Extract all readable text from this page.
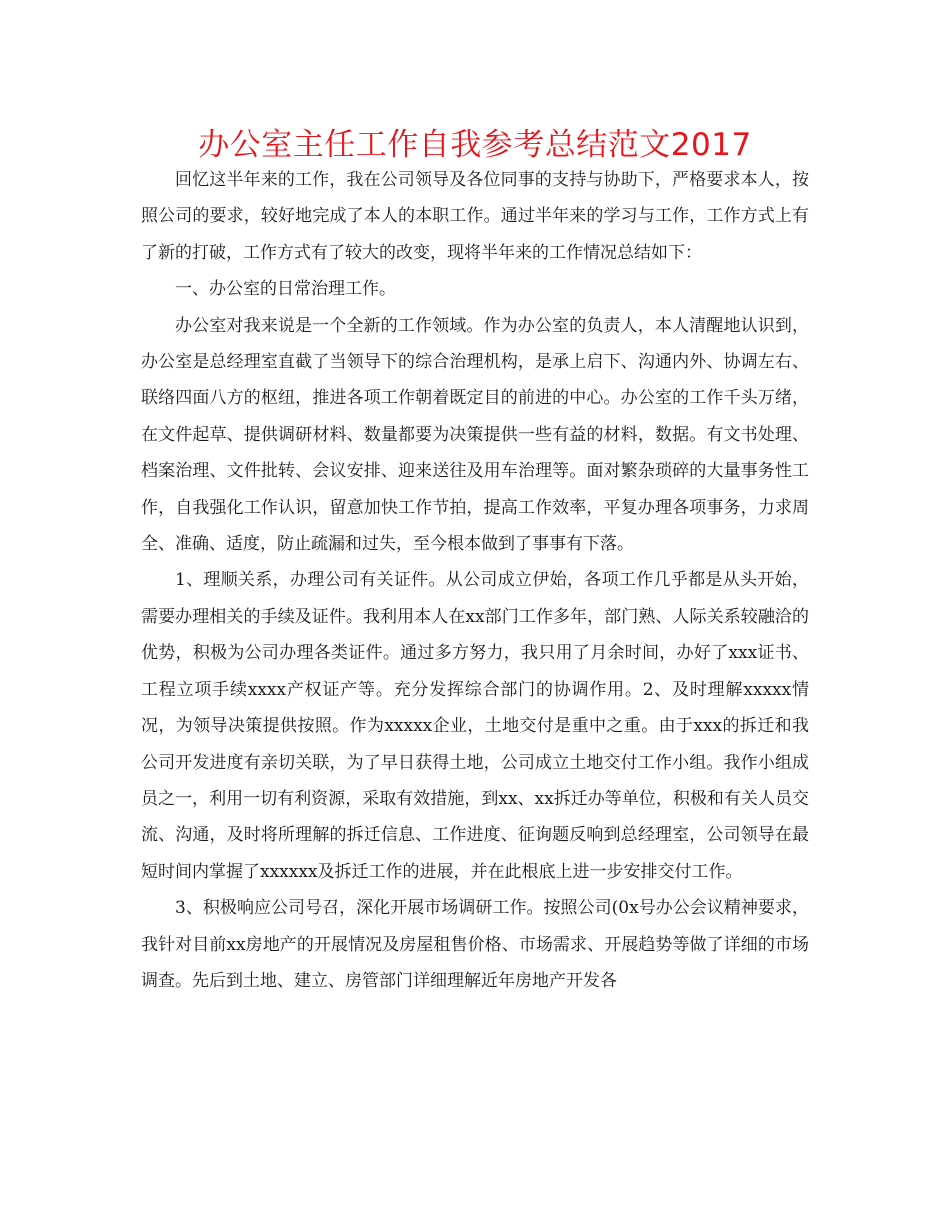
办公室主任工作自我参考总结范文2017

回忆这半年来的工作，我在公司领导及各位同事的支持与协助下，严格要求本人，按照公司的要求，较好地完成了本人的本职工作。通过半年来的学习与工作，工作方式上有了新的打破，工作方式有了较大的改变，现将半年来的工作情况总结如下：

一、办公室的日常治理工作。

办公室对我来说是一个全新的工作领域。作为办公室的负责人，本人清醒地认识到，办公室是总经理室直截了当领导下的综合治理机构，是承上启下、沟通内外、协调左右、联络四面八方的枢纽，推进各项工作朝着既定目的前进的中心。办公室的工作千头万绪，在文件起草、提供调研材料、数量都要为决策提供一些有益的材料，数据。有文书处理、档案治理、文件批转、会议安排、迎来送往及用车治理等。面对繁杂琐碎的大量事务性工作，自我强化工作认识，留意加快工作节拍，提高工作效率，平复办理各项事务，力求周全、准确、适度，防止疏漏和过失，至今根本做到了事事有下落。

1、理顺关系，办理公司有关证件。从公司成立伊始，各项工作几乎都是从头开始，需要办理相关的手续及证件。我利用本人在xx部门工作多年，部门熟、人际关系较融洽的优势，积极为公司办理各类证件。通过多方努力，我只用了月余时间，办好了xxx证书、工程立项手续xxxx产权证产等。充分发挥综合部门的协调作用。2、及时理解xxxxx情况，为领导决策提供按照。作为xxxxx企业，土地交付是重中之重。由于xxx的拆迁和我公司开发进度有亲切关联，为了早日获得土地，公司成立土地交付工作小组。我作小组成员之一，利用一切有利资源，采取有效措施，到xx、xx拆迁办等单位，积极和有关人员交流、沟通，及时将所理解的拆迁信息、工作进度、征询题反响到总经理室，公司领导在最短时间内掌握了xxxxxx及拆迁工作的进展，并在此根底上进一步安排交付工作。

3、积极响应公司号召，深化开展市场调研工作。按照公司(0x号办公会议精神要求，我针对目前xx房地产的开展情况及房屋租售价格、市场需求、开展趋势等做了详细的市场调查。先后到土地、建立、房管部门详细理解近年房地产开发各
